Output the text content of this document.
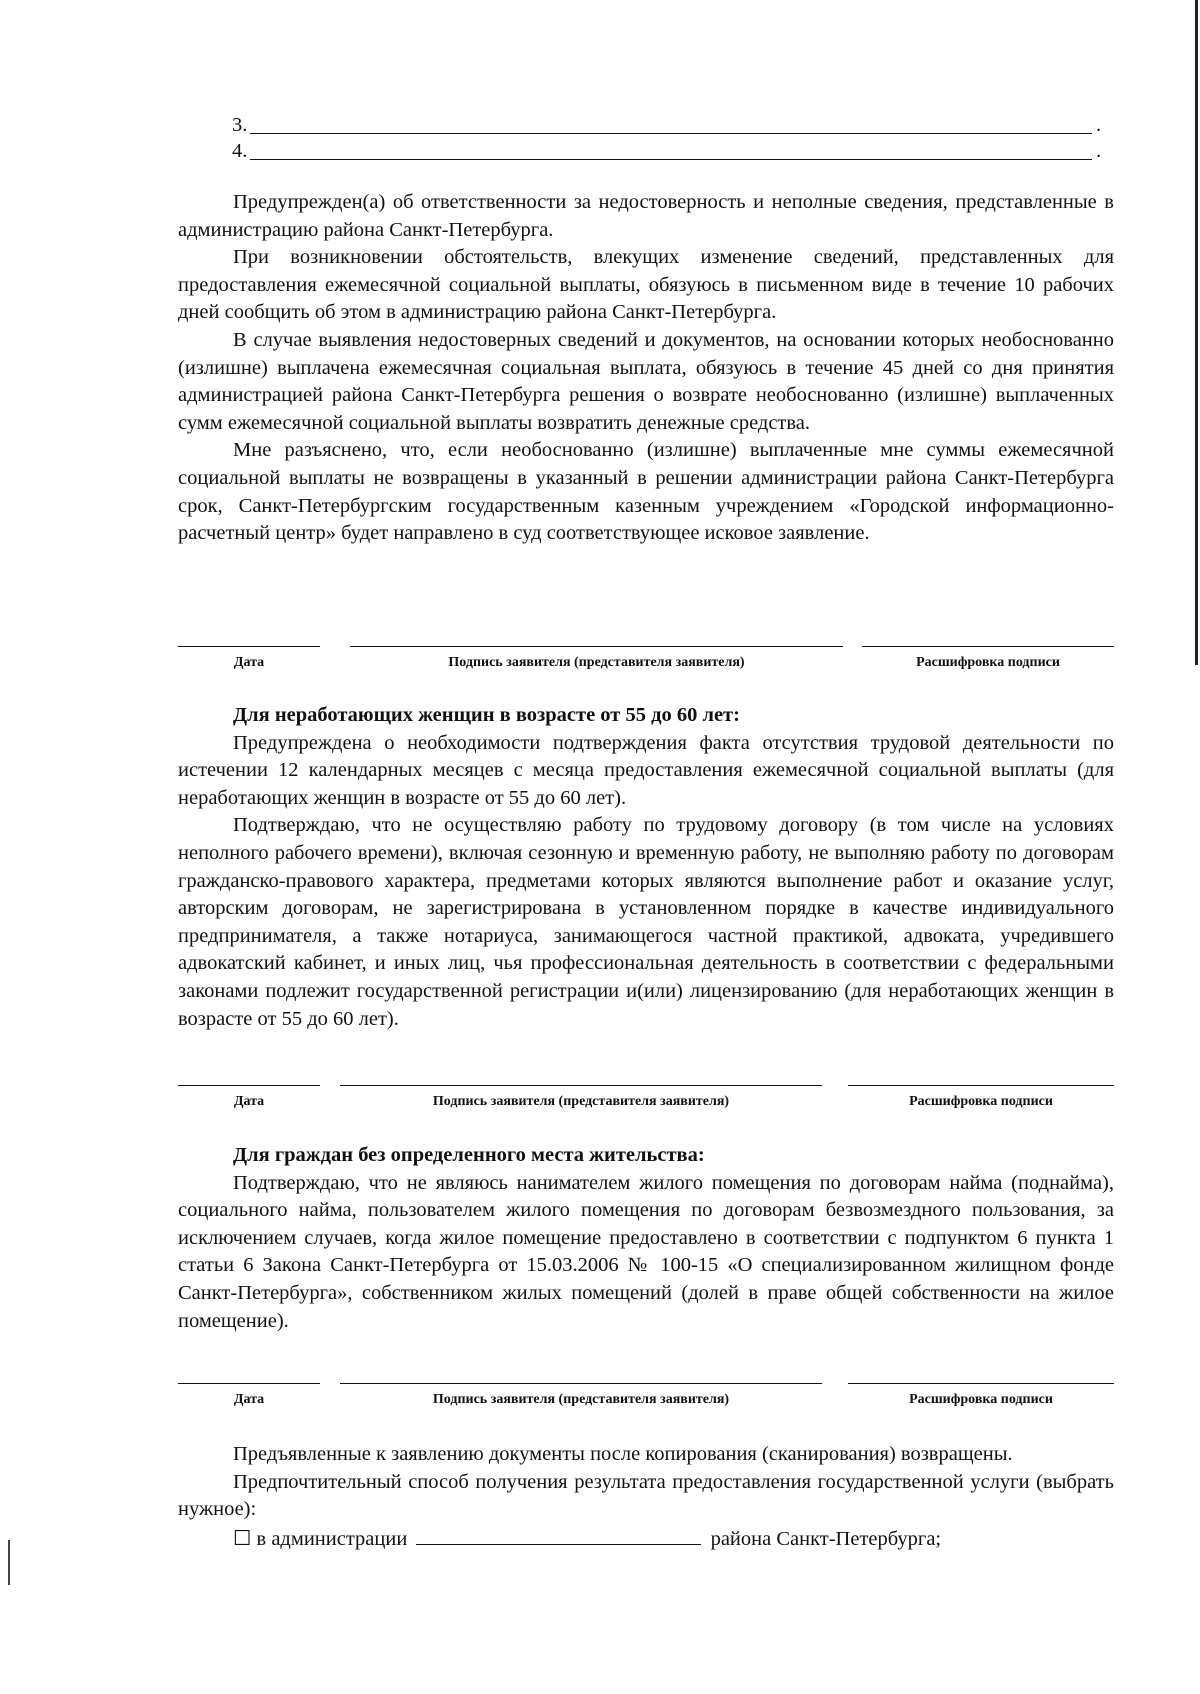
3.	.
4.	.

Предупрежден(а) об ответственности за недостоверность и неполные сведения, представленные в администрацию района Санкт-Петербурга.

При возникновении обстоятельств, влекущих изменение сведений, представленных для предоставления ежемесячной социальной выплаты, обязуюсь в письменном виде в течение 10 рабочих дней сообщить об этом в администрацию района Санкт-Петербурга.

В случае выявления недостоверных сведений и документов, на основании которых необоснованно (излишне) выплачена ежемесячная социальная выплата, обязуюсь в течение 45 дней со дня принятия администрацией района Санкт-Петербурга решения о возврате необоснованно (излишне) выплаченных сумм ежемесячной социальной выплаты возвратить денежные средства.

Мне разъяснено, что, если необоснованно (излишне) выплаченные мне суммы ежемесячной социальной выплаты не возвращены в указанный в решении администрации района Санкт-Петербурга срок, Санкт-Петербургским государственным казенным учреждением «Городской информационно-расчетный центр» будет направлено в суд соответствующее исковое заявление.

Дата	Подпись заявителя (представителя заявителя)	Расшифровка подписи

Для неработающих женщин в возрасте от 55 до 60 лет:

Предупреждена о необходимости подтверждения факта отсутствия трудовой деятельности по истечении 12 календарных месяцев с месяца предоставления ежемесячной социальной выплаты (для неработающих женщин в возрасте от 55 до 60 лет).

Подтверждаю, что не осуществляю работу по трудовому договору (в том числе на условиях неполного рабочего времени), включая сезонную и временную работу, не выполняю работу по договорам гражданско-правового характера, предметами которых являются выполнение работ и оказание услуг, авторским договорам, не зарегистрирована в установленном порядке в качестве индивидуального предпринимателя, а также нотариуса, занимающегося частной практикой, адвоката, учредившего адвокатский кабинет, и иных лиц, чья профессиональная деятельность в соответствии с федеральными законами подлежит государственной регистрации и(или) лицензированию (для неработающих женщин в возрасте от 55 до 60 лет).

Дата	Подпись заявителя (представителя заявителя)	Расшифровка подписи

Для граждан без определенного места жительства:

Подтверждаю, что не являюсь нанимателем жилого помещения по договорам найма (поднайма), социального найма, пользователем жилого помещения по договорам безвозмездного пользования, за исключением случаев, когда жилое помещение предоставлено в соответствии с подпунктом 6 пункта 1 статьи 6 Закона Санкт-Петербурга от 15.03.2006 № 100-15 «О специализированном жилищном фонде Санкт-Петербурга», собственником жилых помещений (долей в праве общей собственности на жилое помещение).

Дата	Подпись заявителя (представителя заявителя)	Расшифровка подписи

Предъявленные к заявлению документы после копирования (сканирования) возвращены.

Предпочтительный способ получения результата предоставления государственной услуги (выбрать нужное):

☐ в администрации	района Санкт-Петербурга;
